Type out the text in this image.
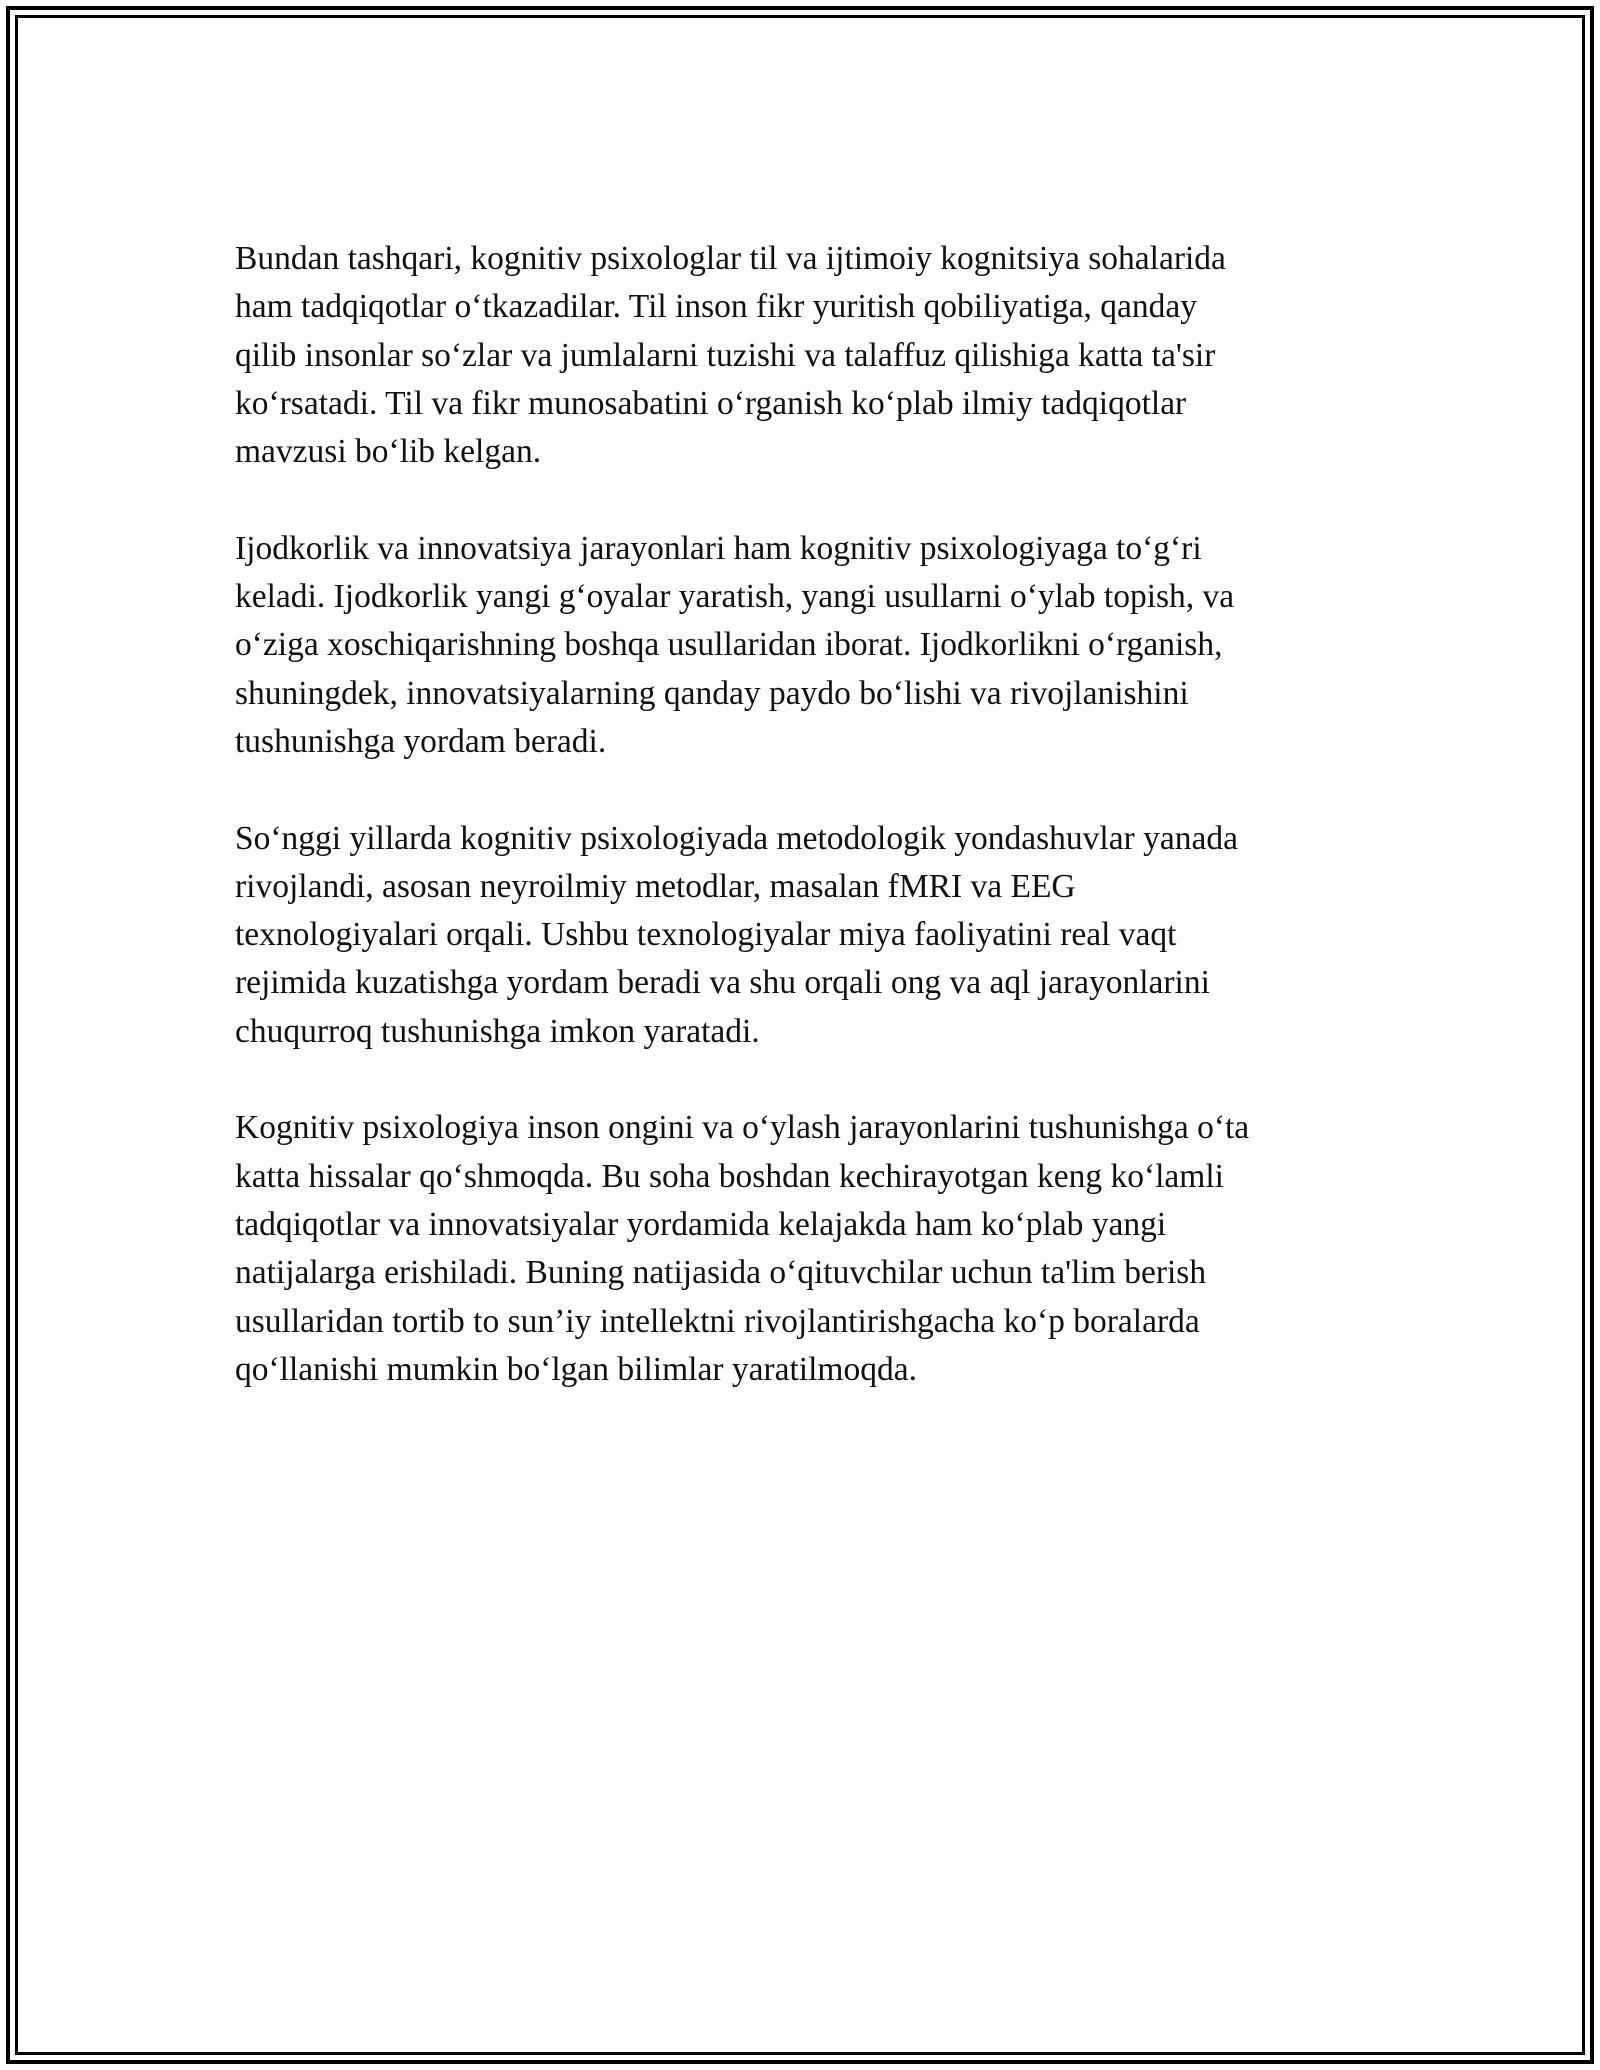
Bundan tashqari, kognitiv psixologlar til va ijtimoiy kognitsiya sohalarida
ham tadqiqotlar o‘tkazadilar. Til inson fikr yuritish qobiliyatiga, qanday
qilib insonlar so‘zlar va jumlalarni tuzishi va talaffuz qilishiga katta ta'sir
ko‘rsatadi. Til va fikr munosabatini o‘rganish ko‘plab ilmiy tadqiqotlar
mavzusi bo‘lib kelgan.

Ijodkorlik va innovatsiya jarayonlari ham kognitiv psixologiyaga to‘g‘ri
keladi. Ijodkorlik yangi g‘oyalar yaratish, yangi usullarni o‘ylab topish, va
o‘ziga xoschiqarishning boshqa usullaridan iborat. Ijodkorlikni o‘rganish,
shuningdek, innovatsiyalarning qanday paydo bo‘lishi va rivojlanishini
tushunishga yordam beradi.

So‘nggi yillarda kognitiv psixologiyada metodologik yondashuvlar yanada
rivojlandi, asosan neyroilmiy metodlar, masalan fMRI va EEG
texnologiyalari orqali. Ushbu texnologiyalar miya faoliyatini real vaqt
rejimida kuzatishga yordam beradi va shu orqali ong va aql jarayonlarini
chuqurroq tushunishga imkon yaratadi.

Kognitiv psixologiya inson ongini va o‘ylash jarayonlarini tushunishga o‘ta
katta hissalar qo‘shmoqda. Bu soha boshdan kechirayotgan keng ko‘lamli
tadqiqotlar va innovatsiyalar yordamida kelajakda ham ko‘plab yangi
natijalarga erishiladi. Buning natijasida o‘qituvchilar uchun ta'lim berish
usullaridan tortib to sun’iy intellektni rivojlantirishgacha ko‘p boralarda
qo‘llanishi mumkin bo‘lgan bilimlar yaratilmoqda.
